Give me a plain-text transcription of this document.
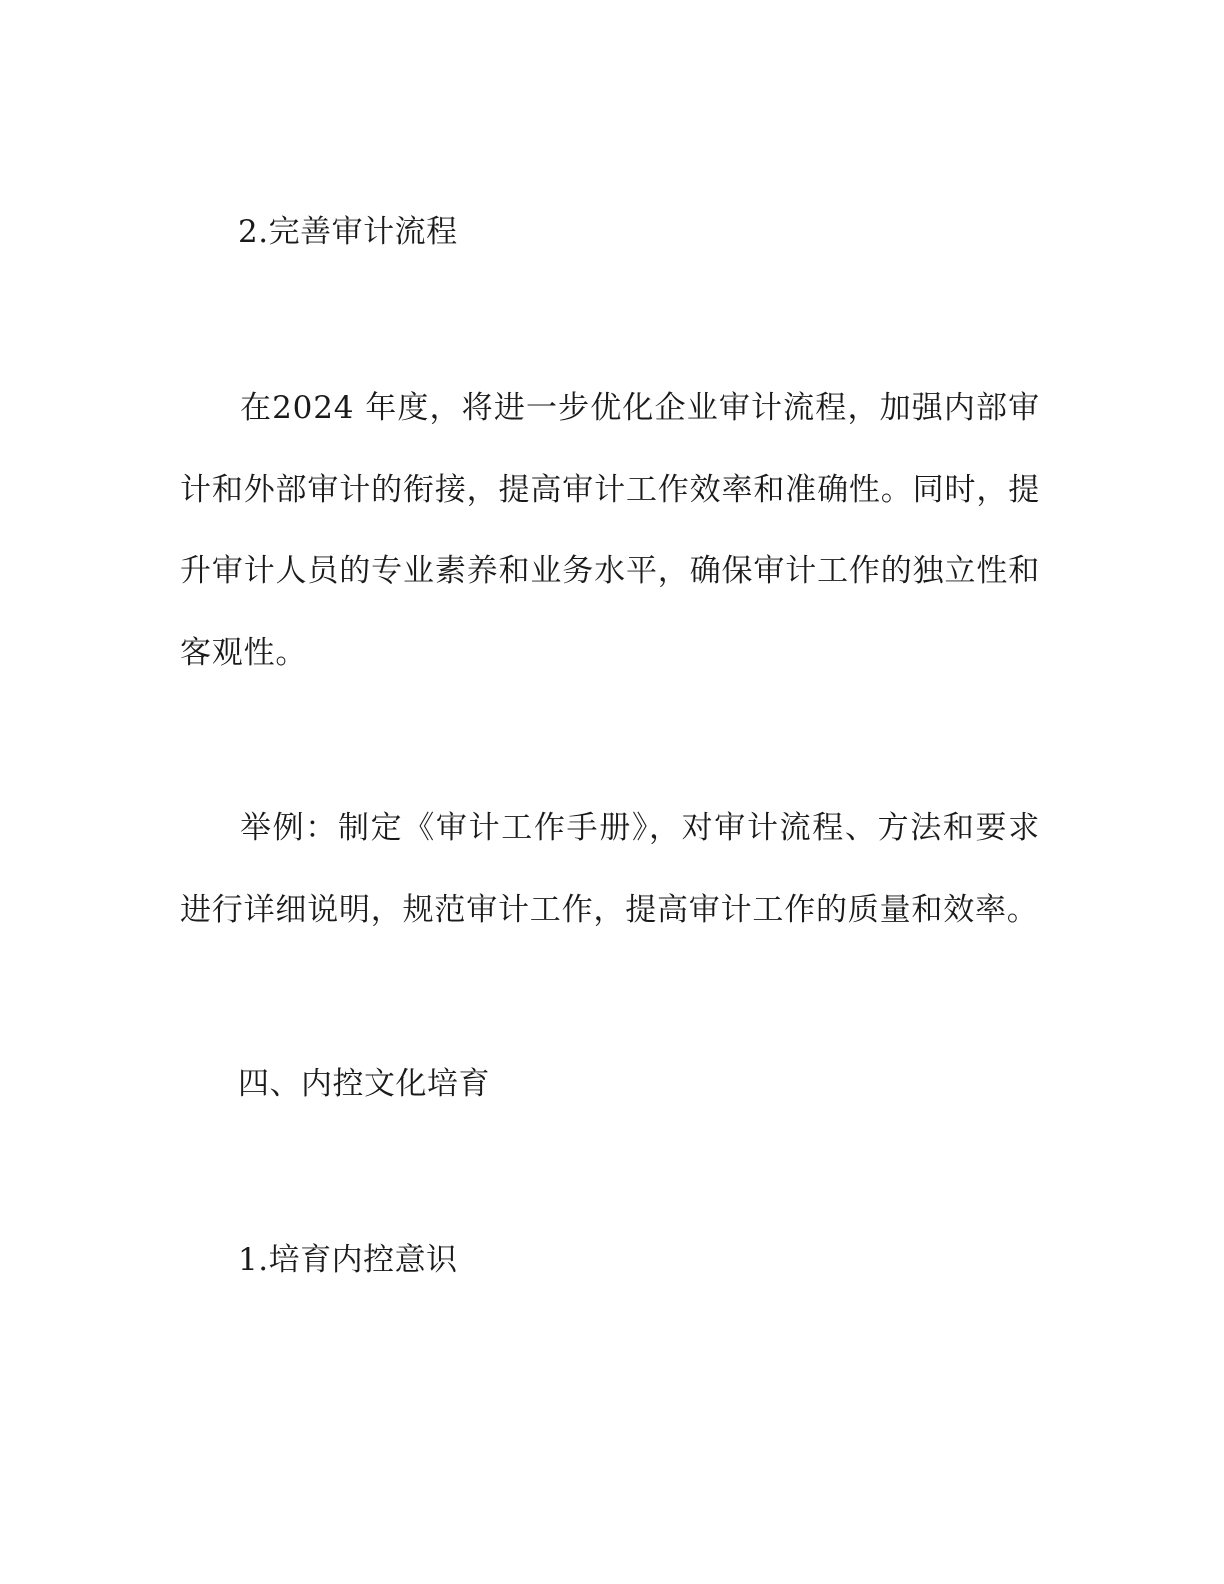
2.完善审计流程

在2024 年度，将进一步优化企业审计流程，加强内部审计和外部审计的衔接，提高审计工作效率和准确性。同时，提升审计人员的专业素养和业务水平，确保审计工作的独立性和客观性。

举例：制定《审计工作手册》，对审计流程、方法和要求进行详细说明，规范审计工作，提高审计工作的质量和效率。

四、内控文化培育
1.培育内控意识
